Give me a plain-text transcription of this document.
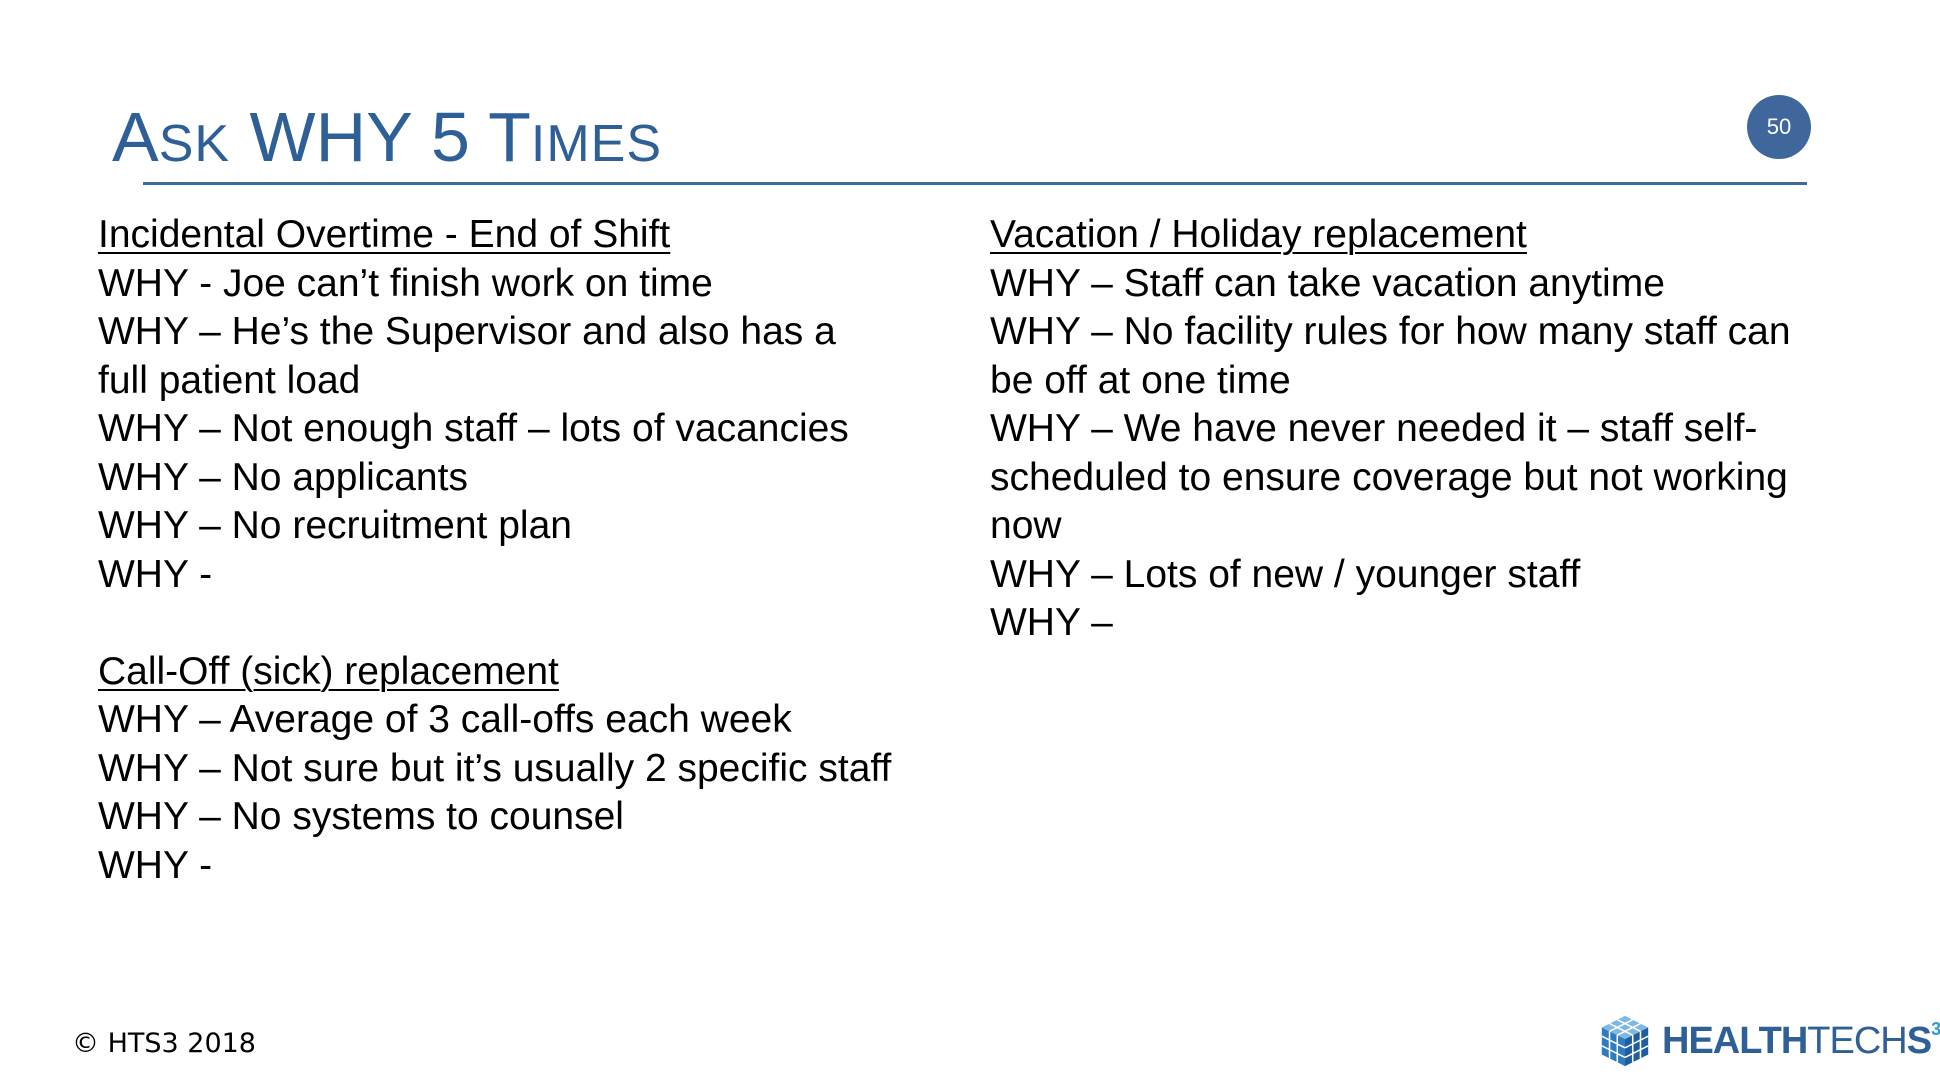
ASK WHY 5 TIMES	50
Incidental Overtime - End of Shift
WHY - Joe can’t finish work on time
WHY – He’s the Supervisor and also has a
full patient load
WHY – Not enough staff – lots of vacancies
WHY – No applicants
WHY – No recruitment plan
WHY -
Call-Off (sick) replacement
WHY – Average of 3 call-offs each week
WHY – Not sure but it’s usually 2 specific staff
WHY – No systems to counsel
WHY -
Vacation / Holiday replacement
WHY – Staff can take vacation anytime
WHY – No facility rules for how many staff can
be off at one time
WHY – We have never needed it – staff self-
scheduled to ensure coverage but not working
now
WHY – Lots of new / younger staff
WHY –
© HTS3 2018	HEALTHTECHS$^3$
